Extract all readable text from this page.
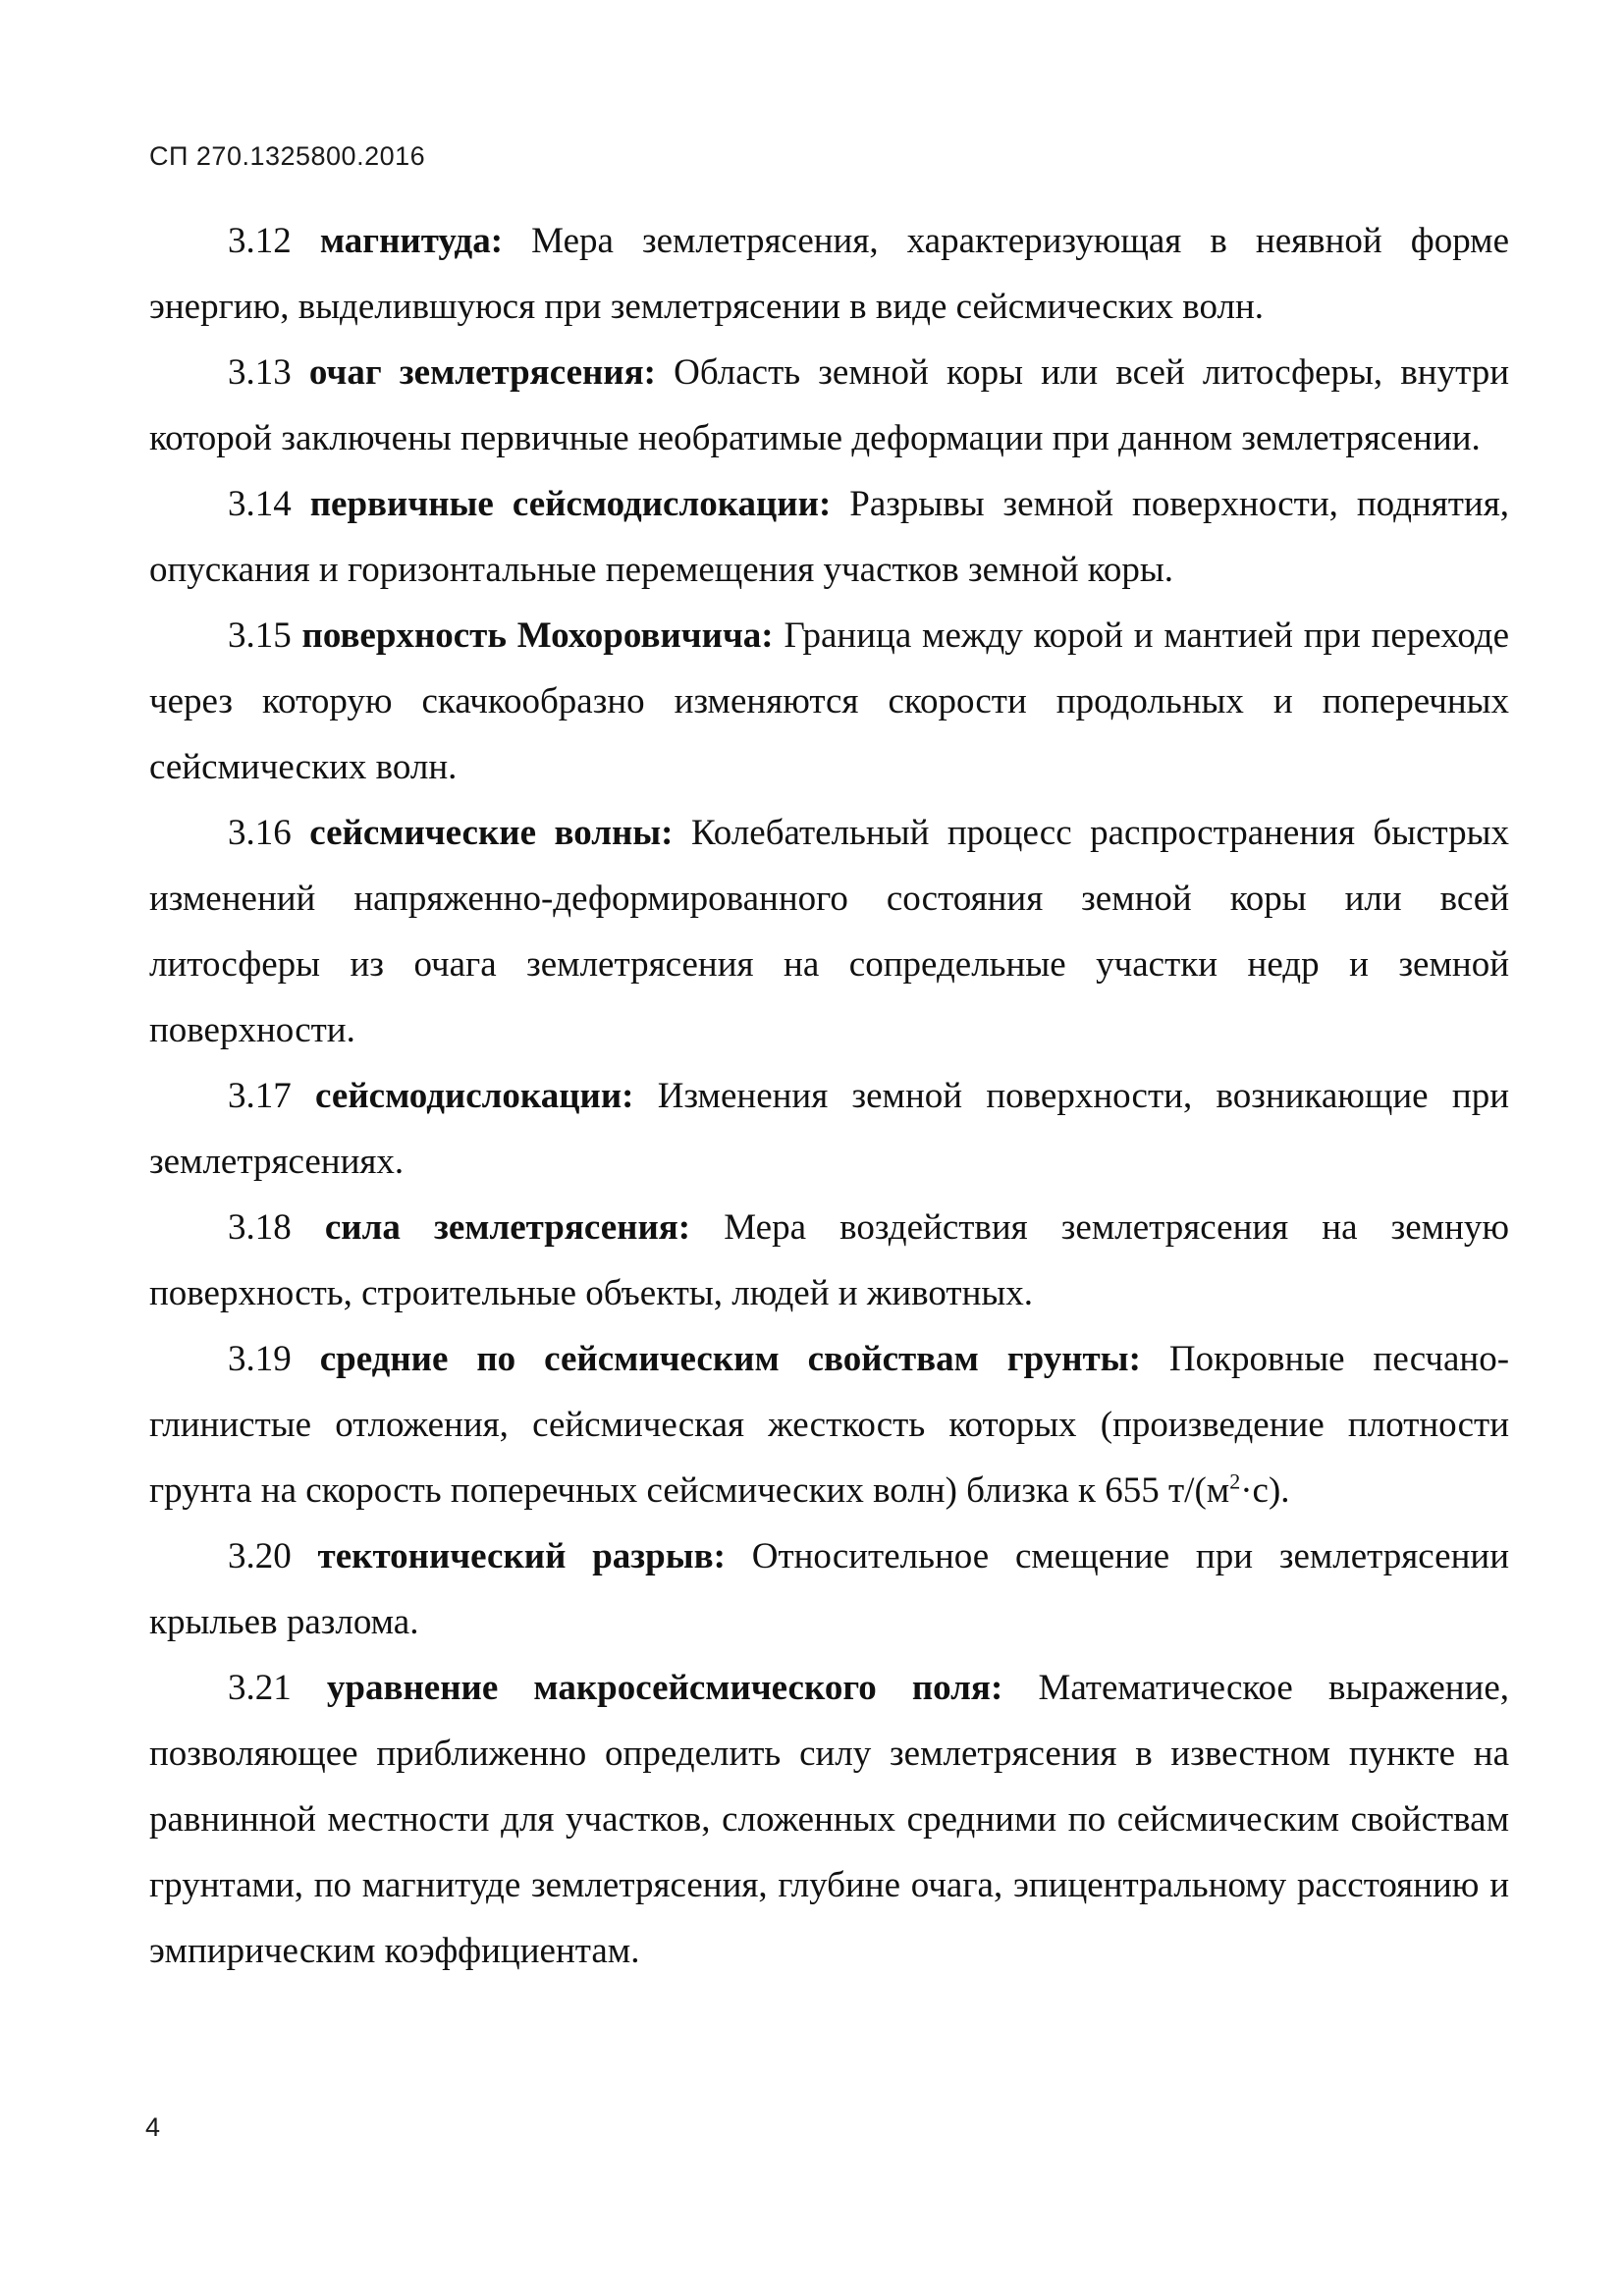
СП 270.1325800.2016

3.12 магнитуда: Мера землетрясения, характеризующая в неявной форме энергию, выделившуюся при землетрясении в виде сейсмических волн.

3.13 очаг землетрясения: Область земной коры или всей литосферы, внутри которой заключены первичные необратимые деформации при данном землетрясении.

3.14 первичные сейсмодислокации: Разрывы земной поверхности, поднятия, опускания и горизонтальные перемещения участков земной коры.

3.15 поверхность Мохоровичича: Граница между корой и мантией при переходе через которую скачкообразно изменяются скорости продольных и поперечных сейсмических волн.

3.16 сейсмические волны: Колебательный процесс распространения быстрых изменений напряженно-деформированного состояния земной коры или всей литосферы из очага землетрясения на сопредельные участки недр и земной поверхности.

3.17 сейсмодислокации: Изменения земной поверхности, возникающие при землетрясениях.

3.18 сила землетрясения: Мера воздействия землетрясения на земную поверхность, строительные объекты, людей и животных.

3.19 средние по сейсмическим свойствам грунты: Покровные песчано-глинистые отложения, сейсмическая жесткость которых (произведение плотности грунта на скорость поперечных сейсмических волн) близка к 655 $т/(м^2\cdot с)$.

3.20 тектонический разрыв: Относительное смещение при землетрясении крыльев разлома.

3.21 уравнение макросейсмического поля: Математическое выражение, позволяющее приближенно определить силу землетрясения в известном пункте на равнинной местности для участков, сложенных средними по сейсмическим свойствам грунтами, по магнитуде землетрясения, глубине очага, эпицентральному расстоянию и эмпирическим коэффициентам.

4
